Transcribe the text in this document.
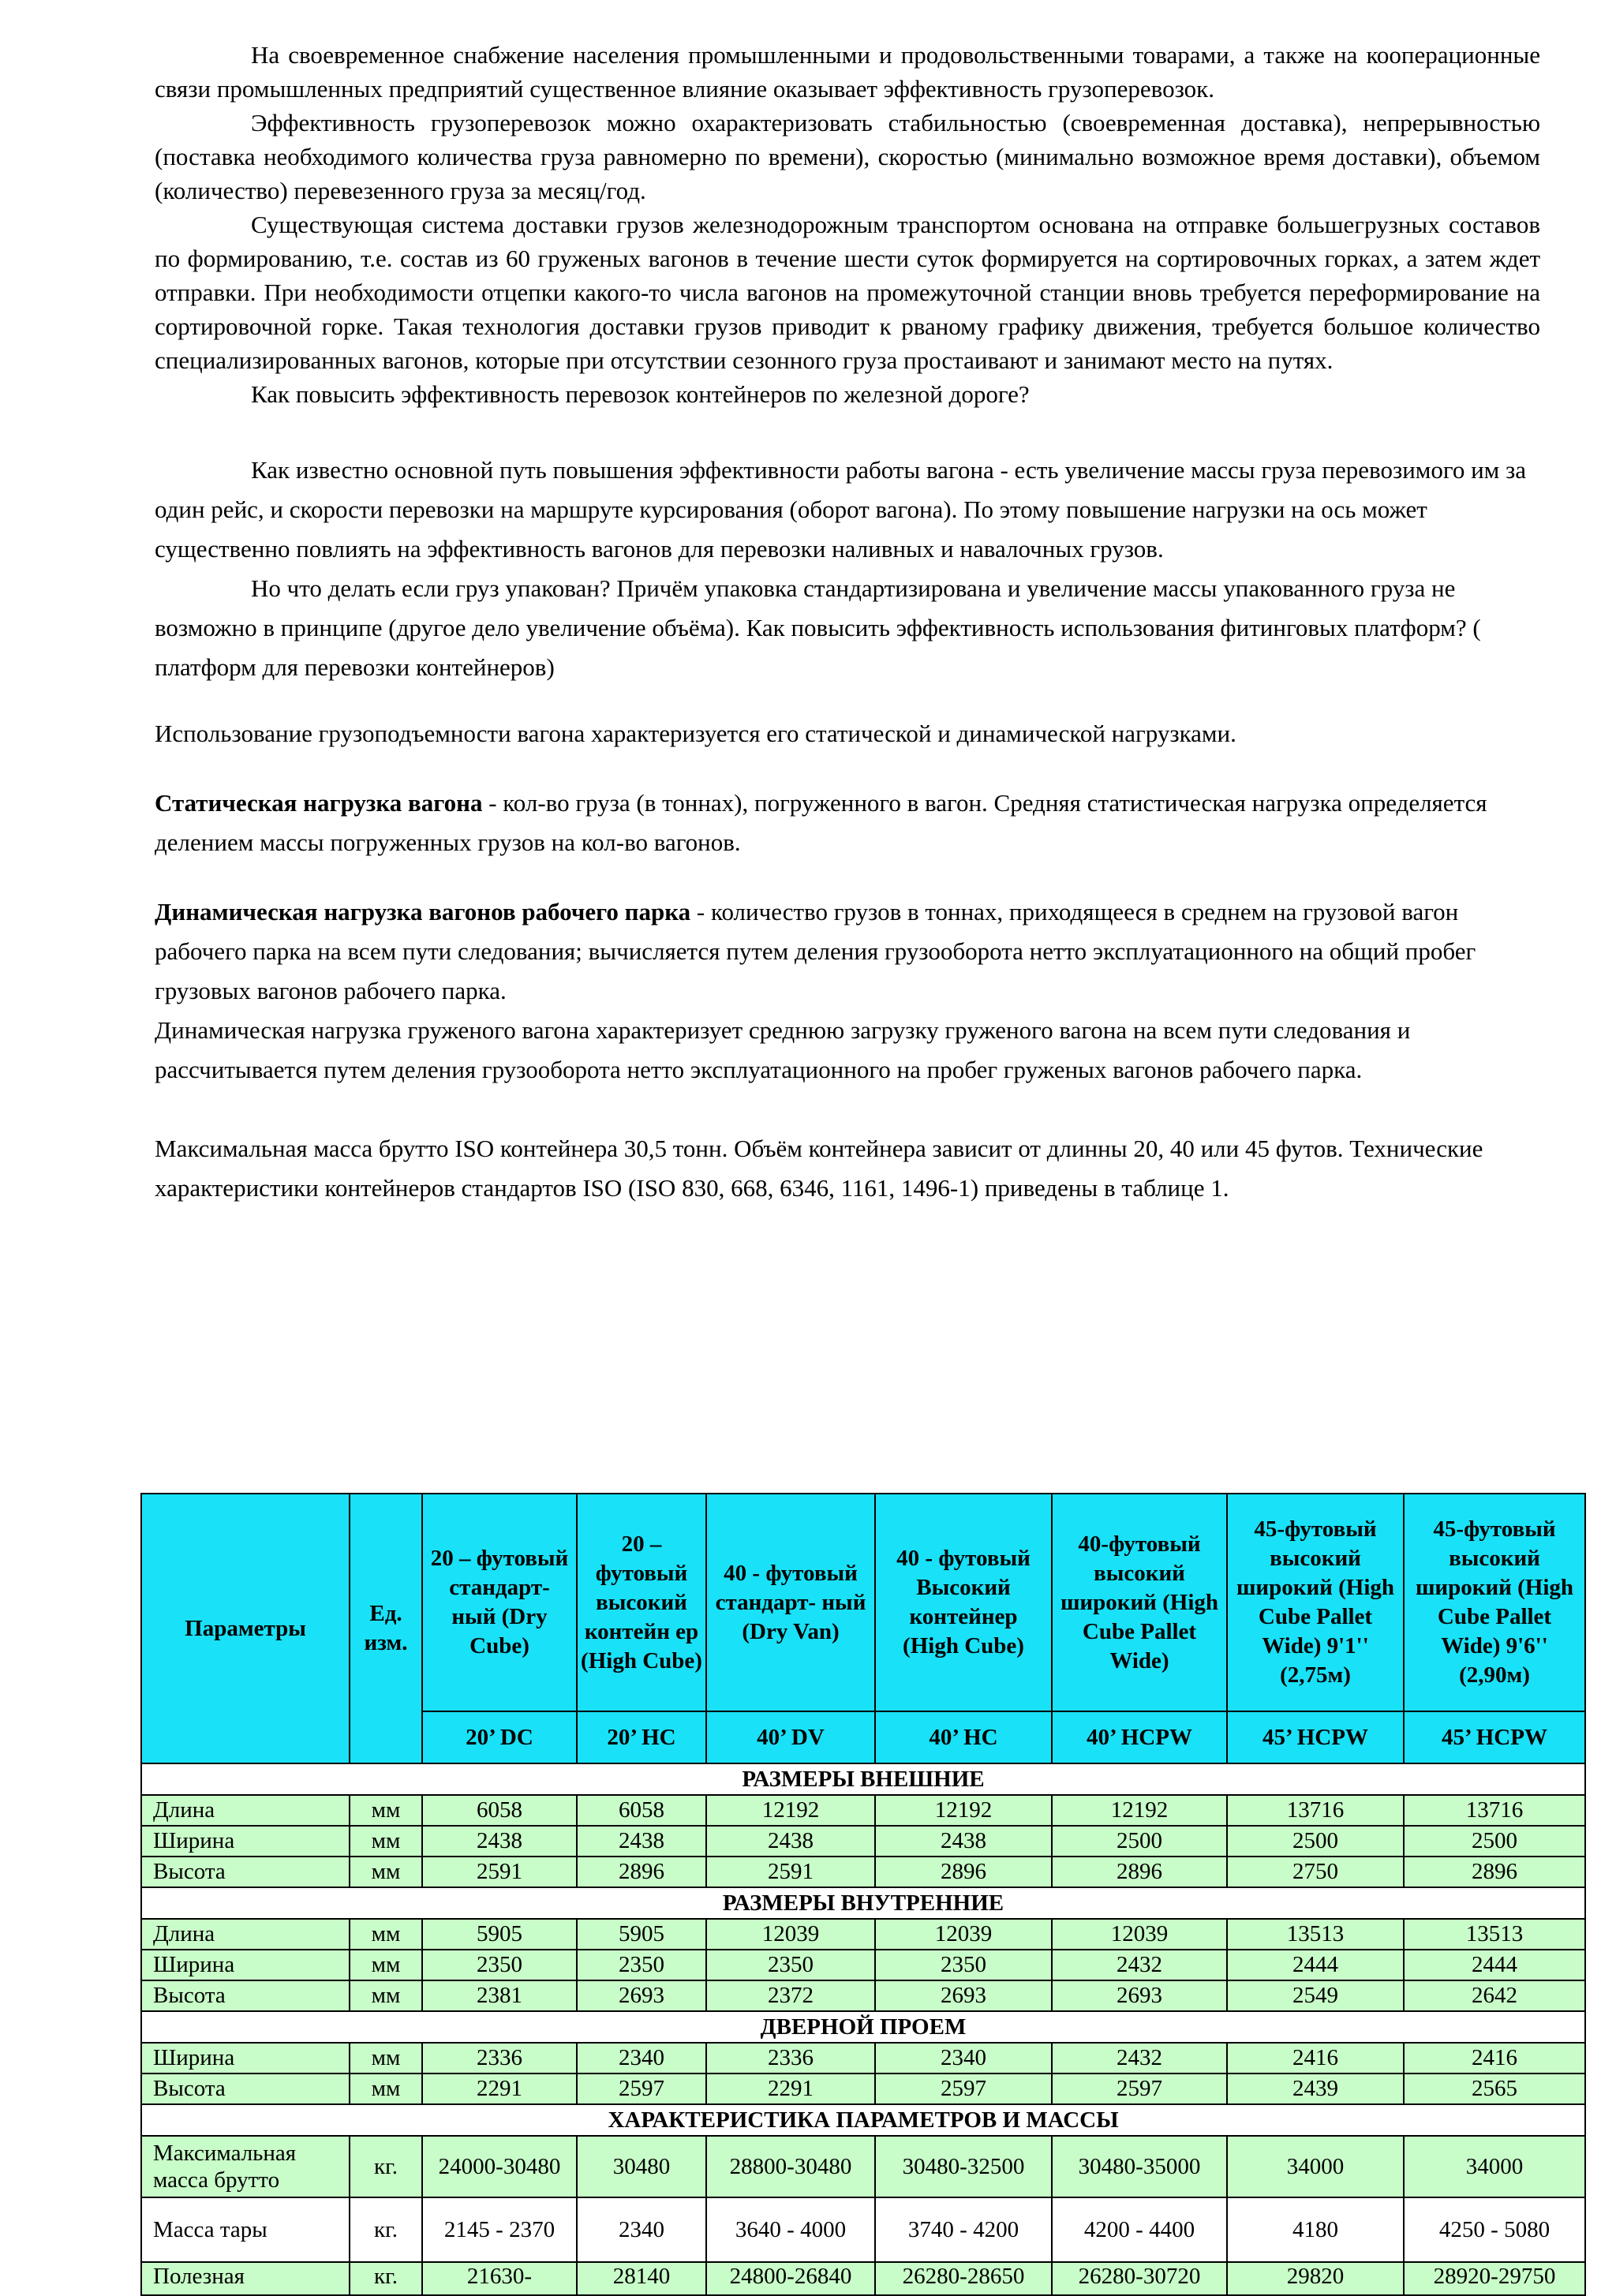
На своевременное снабжение населения промышленными и продовольственными товарами, а также на кооперационные связи промышленных предприятий существенное влияние оказывает эффективность грузоперевозок.

Эффективность грузоперевозок можно охарактеризовать стабильностью (своевременная доставка), непрерывностью (поставка необходимого количества груза равномерно по времени), скоростью (минимально возможное время доставки), объемом (количество) перевезенного груза за месяц/год.

Существующая система доставки грузов железнодорожным транспортом основана на отправке большегрузных составов по формированию, т.е. состав из 60 груженых вагонов в течение шести суток формируется на сортировочных горках, а затем ждет отправки. При необходимости отцепки какого-то числа вагонов на промежуточной станции вновь требуется переформирование на сортировочной горке. Такая технология доставки грузов приводит к рваному графику движения, требуется большое количество специализированных вагонов, которые при отсутствии сезонного груза простаивают и занимают место на путях.

Как повысить эффективность перевозок контейнеров по железной дороге?

Как известно основной путь повышения эффективности работы вагона - есть увеличение массы груза перевозимого им за один рейс, и скорости перевозки на маршруте курсирования (оборот вагона). По этому повышение нагрузки на ось может существенно повлиять на эффективность вагонов для перевозки наливных и навалочных грузов.

Но что делать если груз упакован? Причём упаковка стандартизирована и увеличение массы упакованного груза не возможно в принципе (другое дело увеличение объёма). Как повысить эффективность использования фитинговых платформ? ( платформ для перевозки контейнеров)

Использование грузоподъемности вагона характеризуется его статической и динамической нагрузками.

Статическая нагрузка вагона - кол-во груза (в тоннах), погруженного в вагон. Средняя статистическая нагрузка определяется делением массы погруженных грузов на кол-во вагонов.

Динамическая нагрузка вагонов рабочего парка - количество грузов в тоннах, приходящееся в среднем на грузовой вагон рабочего парка на всем пути следования; вычисляется путем деления грузооборота нетто эксплуатационного на общий пробег грузовых вагонов рабочего парка.

Динамическая нагрузка груженого вагона характеризует среднюю загрузку груженого вагона на всем пути следования и рассчитывается путем деления грузооборота нетто эксплуатационного на пробег груженых вагонов рабочего парка.

Максимальная масса брутто ISO контейнера 30,5 тонн. Объём контейнера зависит от длинны 20, 40 или 45 футов. Технические характеристики контейнеров стандартов ISO (ISO 830, 668, 6346, 1161, 1496-1) приведены в таблице 1.

Параметры	Ед. изм.	20 – футовый стандарт- ный (Dry Cube)	20 – футовый высокий контейн ер (High Cube)	40 - футовый стандарт- ный (Dry Van)	40 - футовый Высокий контейнер (High Cube)	40-футовый высокий широкий (High Cube Pallet Wide)	45-футовый высокий широкий (High Cube Pallet Wide) 9'1'' (2,75м)	45-футовый высокий широкий (High Cube Pallet Wide) 9'6'' (2,90м)
		20’ DC	20’ HC	40’ DV	40’ HC	40’ HCPW	45’ HCPW	45’ HCPW
РАЗМЕРЫ ВНЕШНИЕ								
Длина	мм	6058	6058	12192	12192	12192	13716	13716
Ширина	мм	2438	2438	2438	2438	2500	2500	2500
Высота	мм	2591	2896	2591	2896	2896	2750	2896
РАЗМЕРЫ ВНУТРЕННИЕ								
Длина	мм	5905	5905	12039	12039	12039	13513	13513
Ширина	мм	2350	2350	2350	2350	2432	2444	2444
Высота	мм	2381	2693	2372	2693	2693	2549	2642
ДВЕРНОЙ ПРОЕМ								
Ширина	мм	2336	2340	2336	2340	2432	2416	2416
Высота	мм	2291	2597	2291	2597	2597	2439	2565
ХАРАКТЕРИСТИКА ПАРАМЕТРОВ И МАССЫ								
Максимальная масса брутто	кг.	24000-30480	30480	28800-30480	30480-32500	30480-35000	34000	34000
Масса тары	кг.	2145 - 2370	2340	3640 - 4000	3740 - 4200	4200 - 4400	4180	4250 - 5080
Полезная	кг.	21630-	28140	24800-26840	26280-28650	26280-30720	29820	28920-29750
